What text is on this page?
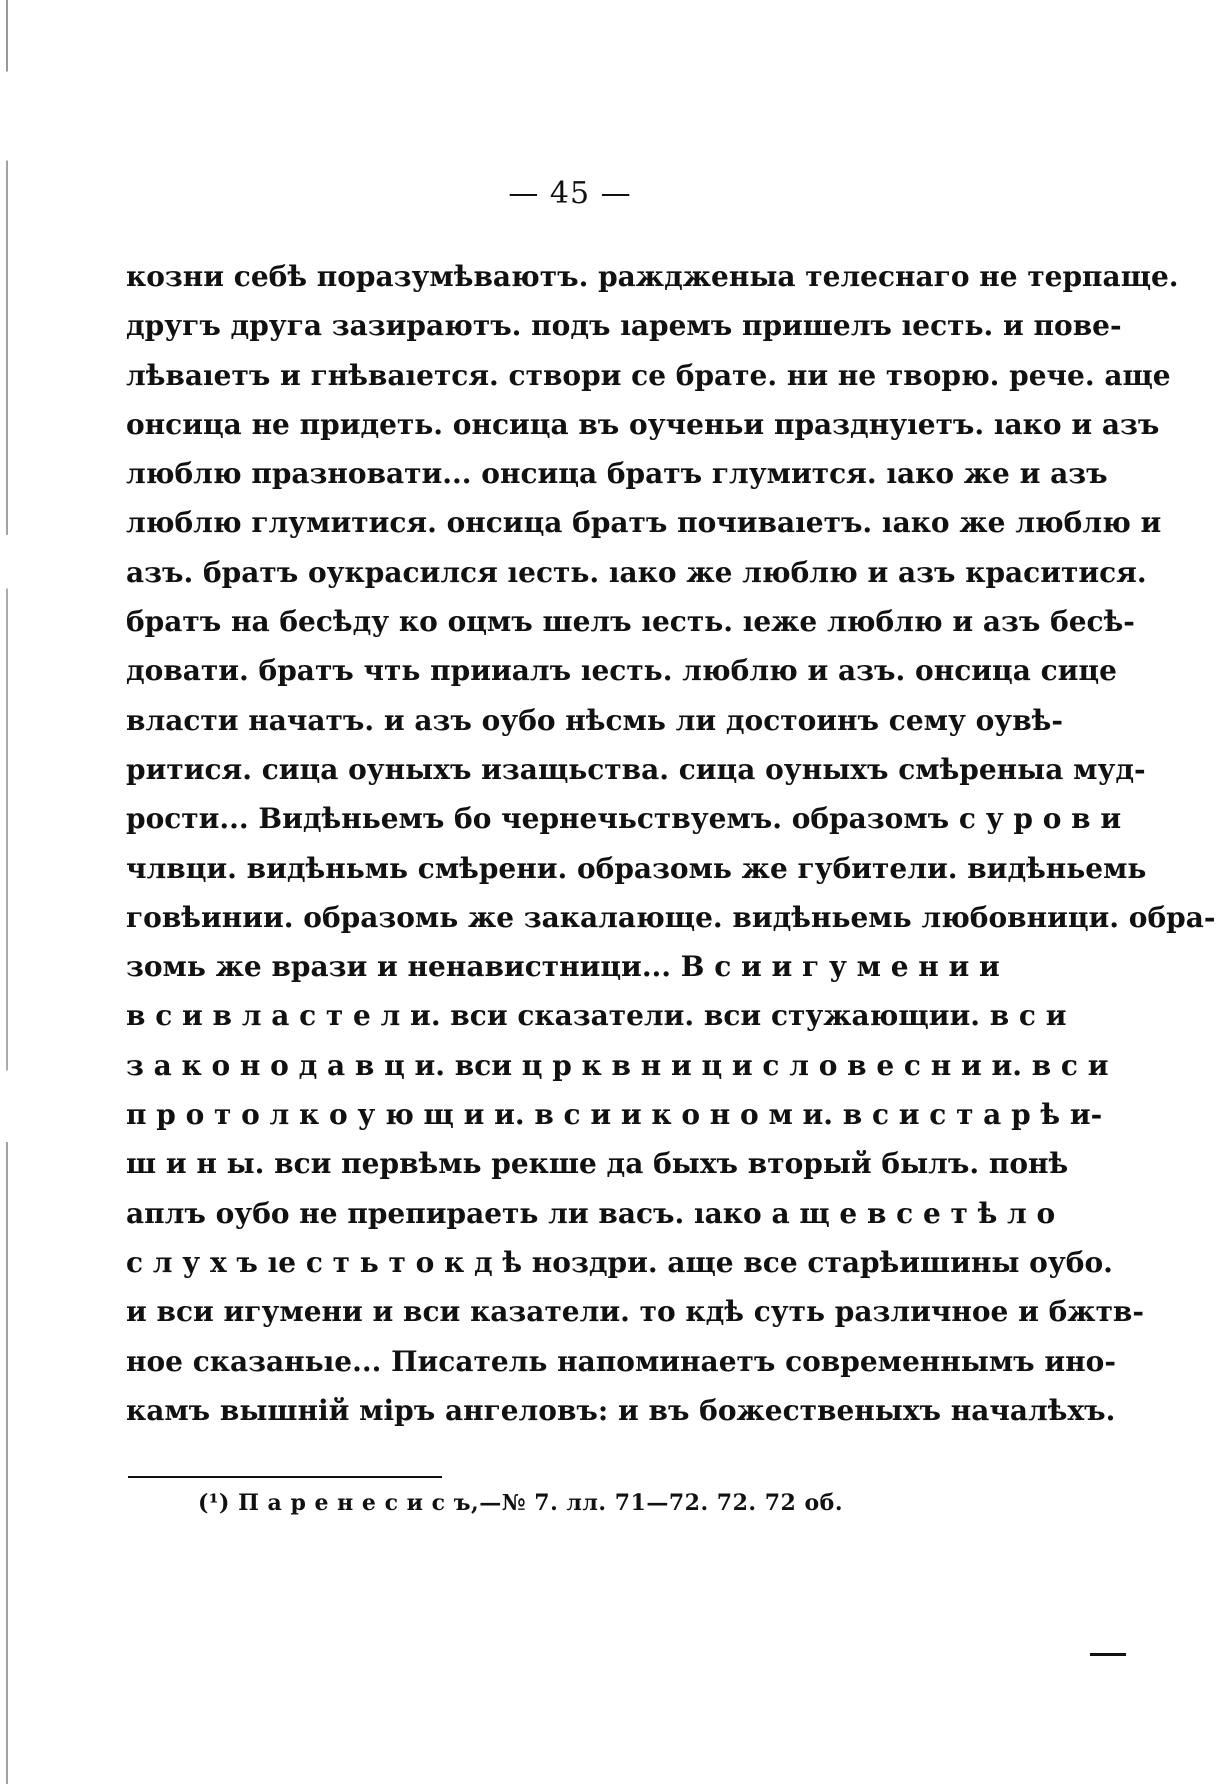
— 45 —
козни себѣ поразумѣваютъ. раждженыа телеснаго не терпаще.
другъ друга зазираютъ. подъ ıаремъ пришелъ ıесть. и пове-
лѣваıетъ и гнѣваıется. створи се брате. ни не творю. рече. аще
онсица не придеть. онсица въ оученьи празднуıетъ. ıако и азъ
люблю празновати... онсица братъ глумится. ıако же и азъ
люблю глумитися. онсица братъ почиваıетъ. ıако же люблю и
азъ. братъ оукрасился ıесть. ıако же люблю и азъ краситися.
братъ на бесѣду ко оцмъ шелъ ıесть. ıеже люблю и азъ бесѣ-
довати. братъ чть прииалъ ıесть. люблю и азъ. онсица сице
власти начатъ. и азъ оубо нѣсмь ли достоинъ сему оувѣ-
ритися. сица оуныхъ изащьства. сица оуныхъ смѣреныа муд-
рости... Видѣньемъ бо чернечьствуемъ. образомъ с у р о в и
члвци. видѣньмь смѣрени. образомь же губители. видѣньемь
говѣинии. образомь же закалающе. видѣньемь любовници. обра-
зомь же врази и ненавистници... В с и и г у м е н и и
в с и в л а с т е л и. вси сказатели. вси стужающии. в с и
з а к о н о д а в ц и. вси ц р к в н и ц и с л о в е с н и и. в с и
п р о т о л к о у ю щ и и. в с и и к о н о м и. в с и с т а р ѣ и-
ш и н ы. вси первѣмь рекше да быхъ вторый былъ. понѣ
аплъ оубо не препираеть ли васъ. ıако а щ е в с е т ѣ л о
с л у х ъ ıе с т ь т о к д ѣ ноздри. аще все старѣишины оубо.
и вси игумени и вси казатели. то кдѣ суть различное и бжтв-
ное сказаньıе... Писатель напоминаетъ современнымъ ино-
камъ вышнiй мiръ ангеловъ: и въ божественыхъ началѣхъ.
(¹) П а р е н е с и с ъ,—№ 7. лл. 71—72. 72. 72 об.
